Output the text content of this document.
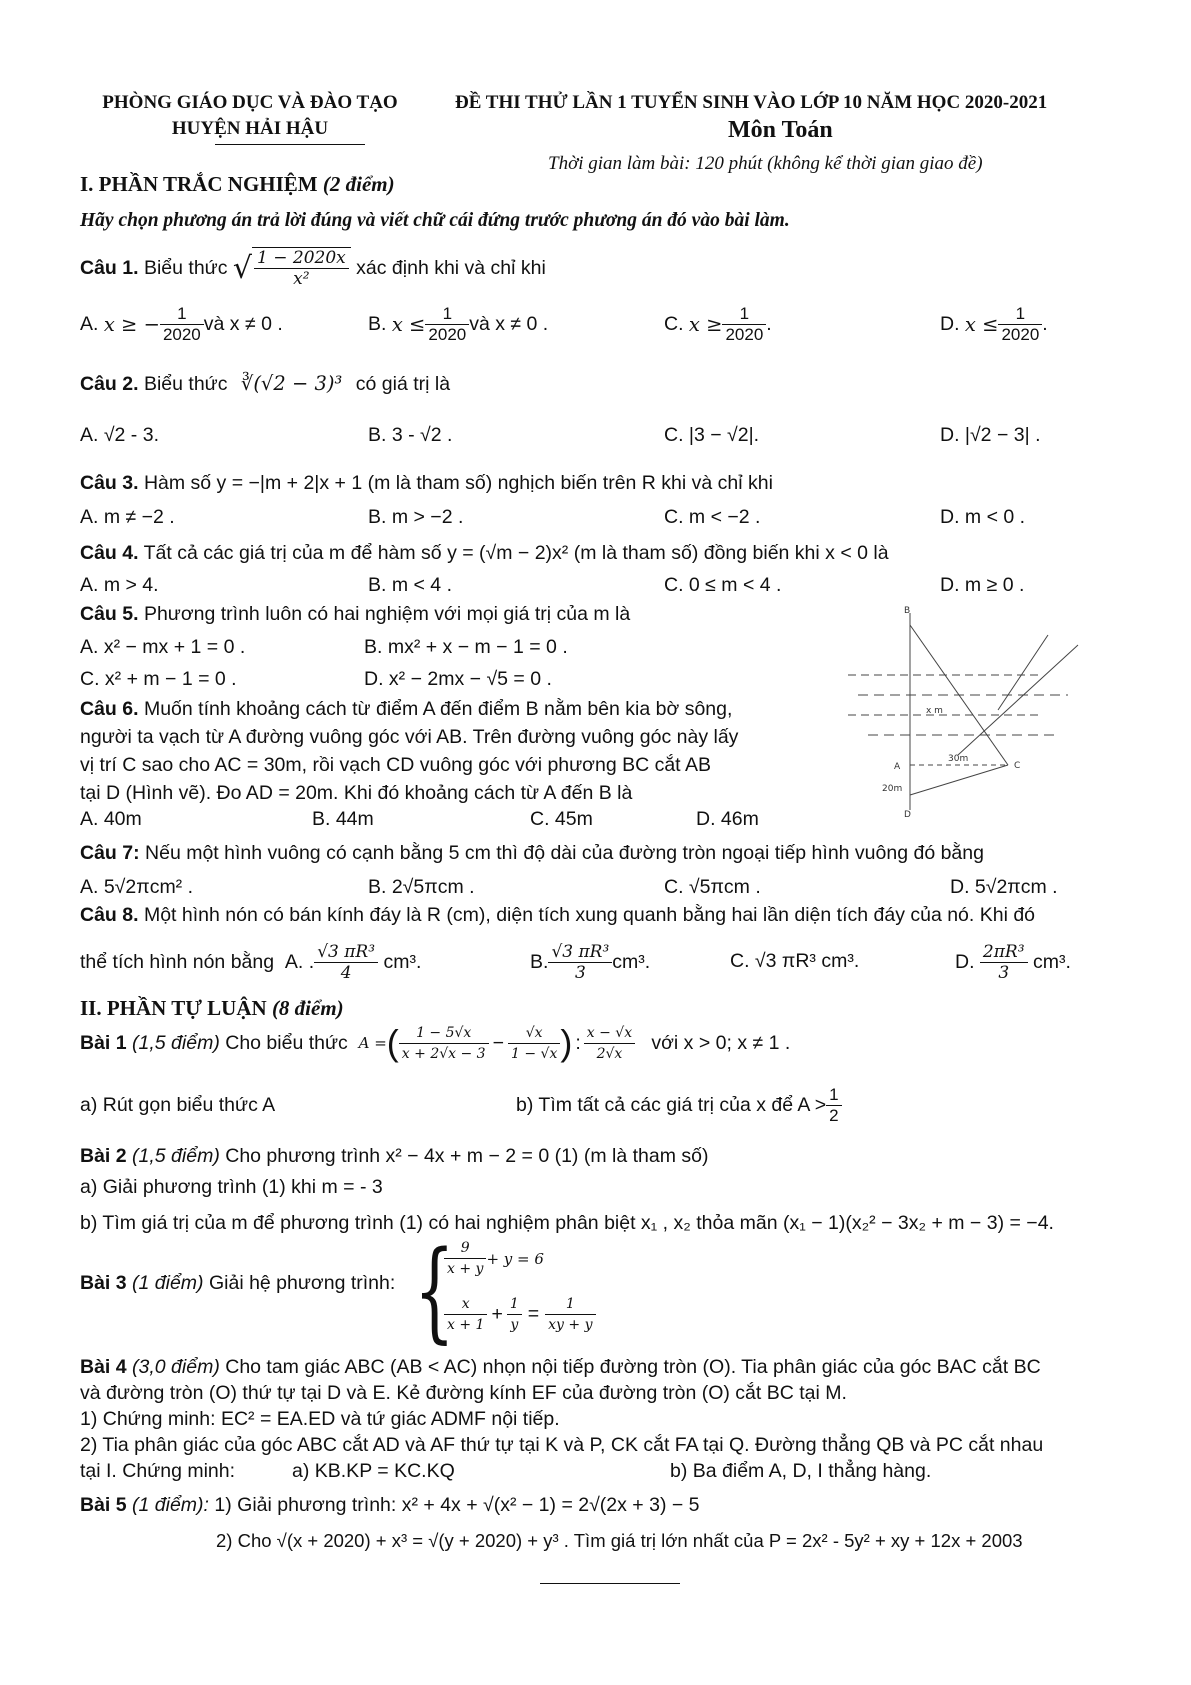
PHÒNG GIÁO DỤC VÀ ĐÀO TẠO
HUYỆN HẢI HẬU
ĐỀ THI THỬ LẦN 1 TUYỂN SINH VÀO LỚP 10 NĂM HỌC 2020-2021
Môn Toán
Thời gian làm bài: 120 phút (không kể thời gian giao đề)
I. PHẦN TRẮC NGHIỆM (2 điểm)
Hãy chọn phương án trả lời đúng và viết chữ cái đứng trước phương án đó vào bài làm.
Câu 1.
Biểu thức
√ $\frac{1 - 2020x}{\text{x²}}$
xác định khi và chỉ khi
A.
x ≥ − $\frac{1}{2020}$ và x ≠ 0 .	B.
$x \le \frac{1}{2020}$ và x ≠ 0 .	C.
$x \ge \frac{1}{2020}$ .	D.
$x \le \frac{1}{2020}$ .
Câu 2. Biểu thức ∛(√2 − 3)³ có giá trị là
A. √2 - 3.	B. 3 - √2 .	C. |3 − √2|.	D. |√2 − 3| .
Câu 3. Hàm số y = −|m + 2|x + 1 (m là tham số) nghịch biến trên R khi và chỉ khi
A. m ≠ −2 .	B. m > −2 .	C. m < −2 .	D. m < 0 .
Câu 4. Tất cả các giá trị của m để hàm số y = (√m − 2)x² (m là tham số) đồng biến khi x < 0 là
A. m > 4.	B. m < 4 .	C. 0 ≤ m < 4 .	D. m ≥ 0 .
Câu 5. Phương trình luôn có hai nghiệm với mọi giá trị của m là
A. x² − mx + 1 = 0 .	B. mx² + x − m − 1 = 0 .
C. x² + m − 1 = 0 .	D. x² − 2mx − √5 = 0 .
Câu 6. Muốn tính khoảng cách từ điểm A đến điểm B nằm bên kia bờ sông,
người ta vạch từ A đường vuông góc với AB. Trên đường vuông góc này lấy
vị trí C sao cho AC = 30m, rồi vạch CD vuông góc với phương BC cắt AB
tại D (Hình vẽ). Đo AD = 20m. Khi đó khoảng cách từ A đến B là
A. 40m	B. 44m	C. 45m	D. 46m
B
A	C
D
20m
30m
x m
Câu 7: Nếu một hình vuông có cạnh bằng 5 cm thì độ dài của đường tròn ngoại tiếp hình vuông đó bằng
A. 5√2πcm² .	B. 2√5πcm .	C. √5πcm .	D. 5√2πcm .
Câu 8. Một hình nón có bán kính đáy là R (cm), diện tích xung quanh bằng hai lần diện tích đáy của nó. Khi đó
thể tích hình nón bằng
A. . $\frac{\text{√3 πR³}}{4}$
cm³.	B. $\frac{\text{√3 πR³}}{3} cm^3$.	C. √3 πR³ cm³.	D.
$\frac{\text{2πR³}}{3}$
cm³.
II. PHẦN TỰ LUẬN (8 điểm)
Bài 1
(1,5 điểm)
Cho biểu thức
A = ( $\frac{1 - 5√x}{x + 2√x - 3} - \frac{√x}{1 - √x}$ ) : $\frac{x - √x}{2√x}$
với x > 0; x ≠ 1 .
a) Rút gọn biểu thức A	b) Tìm tất cả các giá trị của x để $A > \frac{1}{2}$
Bài 2 (1,5 điểm) Cho phương trình x² − 4x + m − 2 = 0 (1) (m là tham số)
a) Giải phương trình (1) khi m = - 3
b) Tìm giá trị của m để phương trình (1) có hai nghiệm phân biệt x₁ , x₂ thỏa mãn (x₁ − 1)(x₂² − 3x₂ + m − 3) = −4.
Bài 3 (1 điểm) Giải hệ phương trình: {
$\frac{9}{x + y} + y = 6$
$\frac{x}{x + 1} + \frac{1}{y} = \frac{1}{xy + y}$
Bài 4 (3,0 điểm) Cho tam giác ABC (AB < AC) nhọn nội tiếp đường tròn (O). Tia phân giác của góc BAC cắt BC
và đường tròn (O) thứ tự tại D và E. Kẻ đường kính EF của đường tròn (O) cắt BC tại M.
1) Chứng minh: EC² = EA.ED và tứ giác ADMF nội tiếp.
2) Tia phân giác của góc ABC cắt AD và AF thứ tự tại K và P, CK cắt FA tại Q. Đường thẳng QB và PC cắt nhau
tại I. Chứng minh:	a) KB.KP = KC.KQ	b) Ba điểm A, D, I thẳng hàng.
Bài 5 (1 điểm): 1) Giải phương trình: x² + 4x + √(x² − 1) = 2√(2x + 3) − 5
2) Cho √(x + 2020) + x³ = √(y + 2020) + y³ . Tìm giá trị lớn nhất của P = 2x² - 5y² + xy + 12x + 2003
